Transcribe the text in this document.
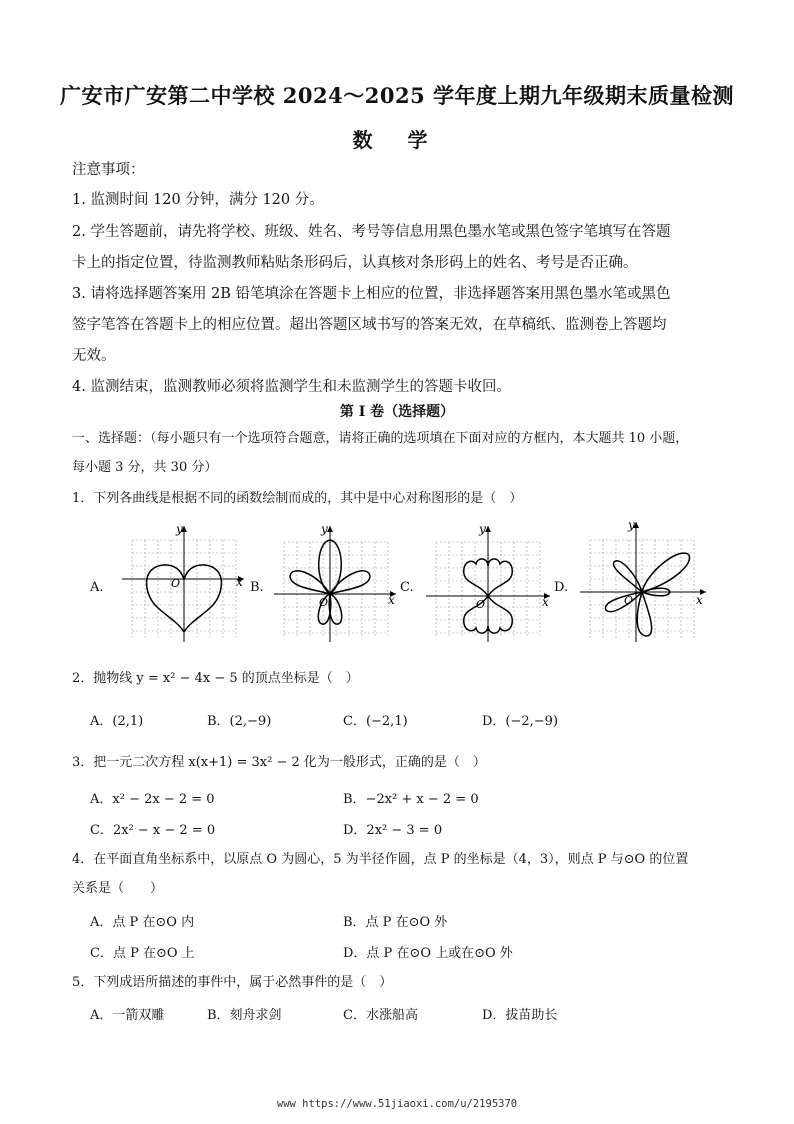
广安市广安第二中学校 2024～2025 学年度上期九年级期末质量检测
数 学
注意事项：
1. 监测时间 120 分钟，满分 120 分。
2. 学生答题前，请先将学校、班级、姓名、考号等信息用黑色墨水笔或黑色签字笔填写在答题
卡上的指定位置，待监测教师粘贴条形码后，认真核对条形码上的姓名、考号是否正确。
3. 请将选择题答案用 2B 铅笔填涂在答题卡上相应的位置，非选择题答案用黑色墨水笔或黑色
签字笔答在答题卡上的相应位置。超出答题区域书写的答案无效，在草稿纸、监测卷上答题均
无效。
4. 监测结束，监测教师必须将监测学生和未监测学生的答题卡收回。
第 I 卷（选择题）
一、选择题：（每小题只有一个选项符合题意，请将正确的选项填在下面对应的方框内，本大题共 10 小题，
每小题 3 分，共 30 分）
1．下列各曲线是根据不同的函数绘制而成的，其中是中心对称图形的是（　）
A.	x
y
O	B.
x
y
O
C.
x
y
O
D.
x
y
O
2．抛物线 y = x² − 4x − 5 的顶点坐标是（　）
A．(2,1)	B．(2,−9)	C．(−2,1)	D．(−2,−9)
3．把一元二次方程 x(x+1) = 3x² − 2 化为一般形式，正确的是（　）
A．x² − 2x − 2 = 0	B．−2x² + x − 2 = 0
C．2x² − x − 2 = 0	D．2x² − 3 = 0
4．在平面直角坐标系中，以原点 O 为圆心，5 为半径作圆，点 P 的坐标是（4，3），则点 P 与⊙O 的位置
关系是（　　）
A．点 P 在⊙O 内	B．点 P 在⊙O 外
C．点 P 在⊙O 上	D．点 P 在⊙O 上或在⊙O 外
5．下列成语所描述的事件中，属于必然事件的是（　）
A．一箭双雕	B．刻舟求剑	C．水涨船高	D．拔苗助长
www https://www.51jiaoxi.com/u/2195370
